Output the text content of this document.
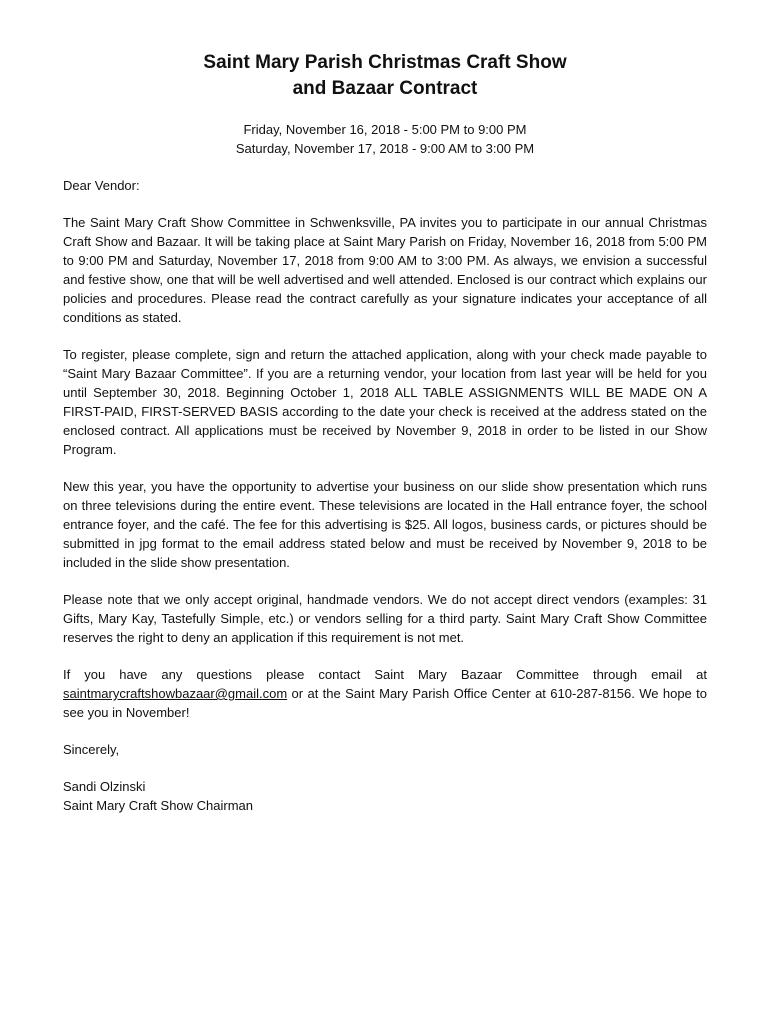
Saint Mary Parish Christmas Craft Show
and Bazaar Contract
Friday, November 16, 2018 - 5:00 PM to 9:00 PM
Saturday, November 17, 2018 - 9:00 AM to 3:00 PM

Dear Vendor:

The Saint Mary Craft Show Committee in Schwenksville, PA invites you to participate in our annual Christmas Craft Show and Bazaar. It will be taking place at Saint Mary Parish on Friday, November 16, 2018 from 5:00 PM to 9:00 PM and Saturday, November 17, 2018 from 9:00 AM to 3:00 PM. As always, we envision a successful and festive show, one that will be well advertised and well attended. Enclosed is our contract which explains our policies and procedures. Please read the contract carefully as your signature indicates your acceptance of all conditions as stated.

To register, please complete, sign and return the attached application, along with your check made payable to “Saint Mary Bazaar Committee”. If you are a returning vendor, your location from last year will be held for you until September 30, 2018. Beginning October 1, 2018 ALL TABLE ASSIGNMENTS WILL BE MADE ON A FIRST-PAID, FIRST-SERVED BASIS according to the date your check is received at the address stated on the enclosed contract. All applications must be received by November 9, 2018 in order to be listed in our Show Program.

New this year, you have the opportunity to advertise your business on our slide show presentation which runs on three televisions during the entire event. These televisions are located in the Hall entrance foyer, the school entrance foyer, and the café. The fee for this advertising is $25. All logos, business cards, or pictures should be submitted in jpg format to the email address stated below and must be received by November 9, 2018 to be included in the slide show presentation.

Please note that we only accept original, handmade vendors. We do not accept direct vendors (examples: 31 Gifts, Mary Kay, Tastefully Simple, etc.) or vendors selling for a third party. Saint Mary Craft Show Committee reserves the right to deny an application if this requirement is not met.

If you have any questions please contact Saint Mary Bazaar Committee through email at saintmarycraftshowbazaar@gmail.com or at the Saint Mary Parish Office Center at 610-287-8156. We hope to see you in November!

Sincerely,

Sandi Olzinski

Saint Mary Craft Show Chairman
